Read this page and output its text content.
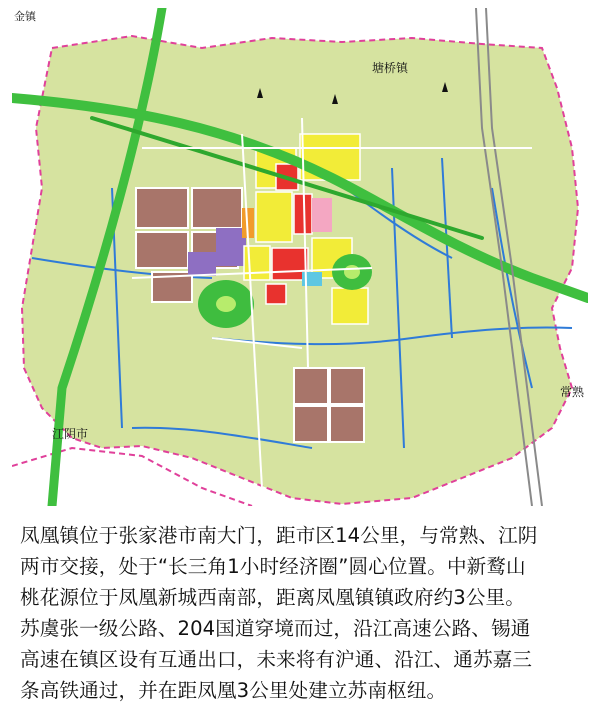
金镇
塘桥镇
江阴市
常熟
凤凰镇位于张家港市南大门，距市区14公里，与常熟、江阴
两市交接，处于“长三角1小时经济圈”圆心位置。中新鹜山
桃花源位于凤凰新城西南部，距离凤凰镇镇政府约3公里。
苏虞张一级公路、204国道穿境而过，沿江高速公路、锡通
高速在镇区设有互通出口，未来将有沪通、沿江、通苏嘉三
条高铁通过，并在距凤凰3公里处建立苏南枢纽。
